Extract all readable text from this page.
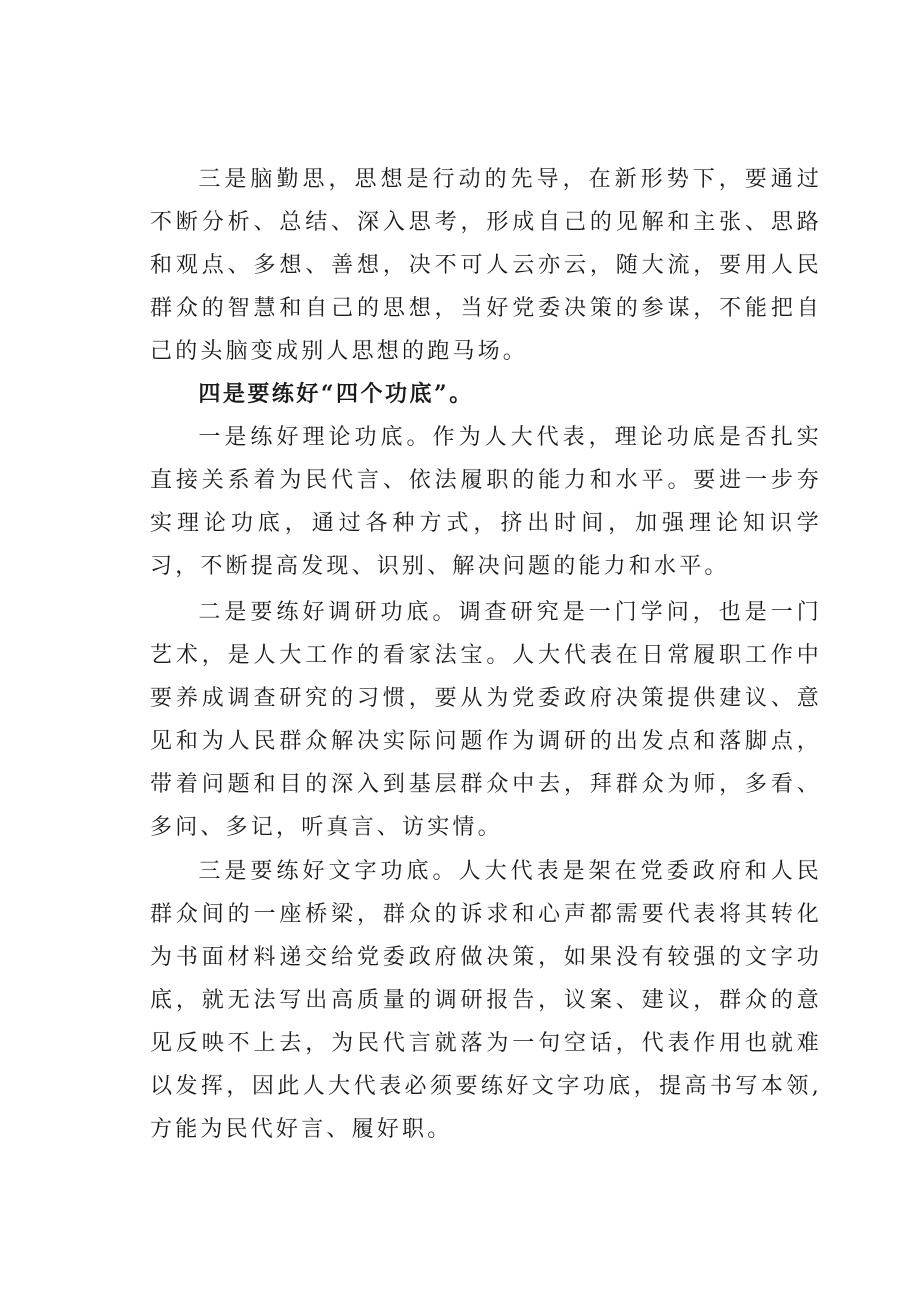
三是脑勤思，思想是行动的先导，在新形势下，要通过不断分析、总结、深入思考，形成自己的见解和主张、思路和观点、多想、善想，决不可人云亦云，随大流，要用人民群众的智慧和自己的思想，当好党委决策的参谋，不能把自己的头脑变成别人思想的跑马场。

四是要练好“四个功底”。

一是练好理论功底。作为人大代表，理论功底是否扎实直接关系着为民代言、依法履职的能力和水平。要进一步夯实理论功底，通过各种方式，挤出时间，加强理论知识学习，不断提高发现、识别、解决问题的能力和水平。

二是要练好调研功底。调查研究是一门学问，也是一门艺术，是人大工作的看家法宝。人大代表在日常履职工作中要养成调查研究的习惯，要从为党委政府决策提供建议、意见和为人民群众解决实际问题作为调研的出发点和落脚点，带着问题和目的深入到基层群众中去，拜群众为师，多看、多问、多记，听真言、访实情。

三是要练好文字功底。人大代表是架在党委政府和人民群众间的一座桥梁，群众的诉求和心声都需要代表将其转化为书面材料递交给党委政府做决策，如果没有较强的文字功底，就无法写出高质量的调研报告，议案、建议，群众的意见反映不上去，为民代言就落为一句空话，代表作用也就难以发挥，因此人大代表必须要练好文字功底，提高书写本领,方能为民代好言、履好职。
